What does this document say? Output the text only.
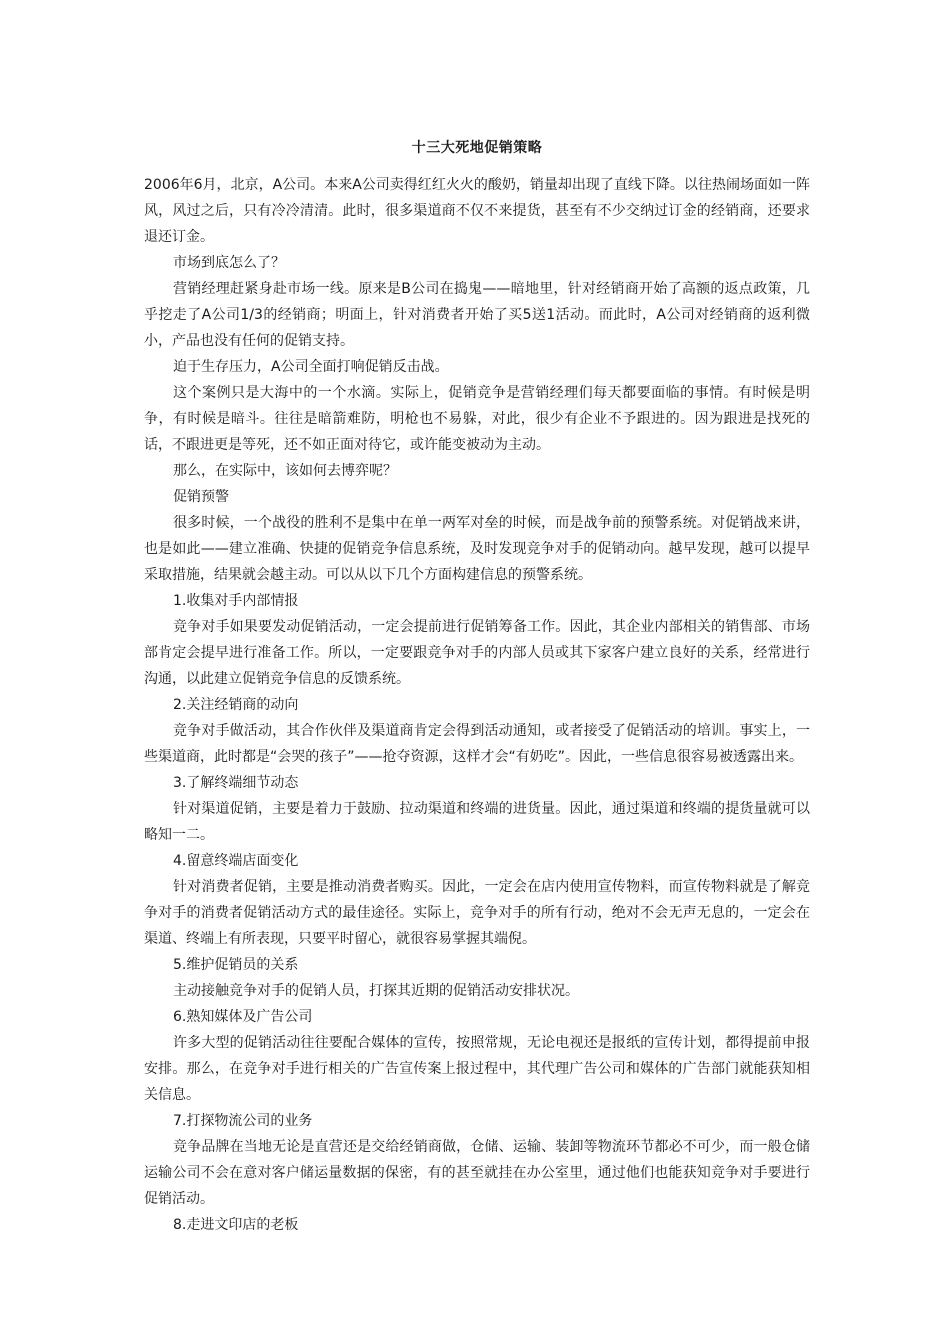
十三大死地促销策略

2006年6月，北京，A公司。本来A公司卖得红红火火的酸奶，销量却出现了直线下降。以往热闹场面如一阵风，风过之后，只有冷冷清清。此时，很多渠道商不仅不来提货，甚至有不少交纳过订金的经销商，还要求退还订金。

市场到底怎么了？

营销经理赶紧身赴市场一线。原来是B公司在捣鬼——暗地里，针对经销商开始了高额的返点政策，几乎挖走了A公司1/3的经销商；明面上，针对消费者开始了买5送1活动。而此时，A公司对经销商的返利微小，产品也没有任何的促销支持。

迫于生存压力，A公司全面打响促销反击战。

这个案例只是大海中的一个水滴。实际上，促销竞争是营销经理们每天都要面临的事情。有时候是明争，有时候是暗斗。往往是暗箭难防，明枪也不易躲，对此，很少有企业不予跟进的。因为跟进是找死的话，不跟进更是等死，还不如正面对待它，或许能变被动为主动。

那么，在实际中，该如何去博弈呢？

促销预警

很多时候，一个战役的胜利不是集中在单一两军对垒的时候，而是战争前的预警系统。对促销战来讲，也是如此——建立准确、快捷的促销竞争信息系统，及时发现竞争对手的促销动向。越早发现，越可以提早采取措施，结果就会越主动。可以从以下几个方面构建信息的预警系统。

1.收集对手内部情报

竞争对手如果要发动促销活动，一定会提前进行促销筹备工作。因此，其企业内部相关的销售部、市场部肯定会提早进行准备工作。所以，一定要跟竞争对手的内部人员或其下家客户建立良好的关系，经常进行沟通，以此建立促销竞争信息的反馈系统。

2.关注经销商的动向

竞争对手做活动，其合作伙伴及渠道商肯定会得到活动通知，或者接受了促销活动的培训。事实上，一些渠道商，此时都是“会哭的孩子”——抢夺资源，这样才会“有奶吃”。因此，一些信息很容易被透露出来。

3.了解终端细节动态

针对渠道促销，主要是着力于鼓励、拉动渠道和终端的进货量。因此，通过渠道和终端的提货量就可以略知一二。

4.留意终端店面变化

针对消费者促销，主要是推动消费者购买。因此，一定会在店内使用宣传物料，而宣传物料就是了解竞争对手的消费者促销活动方式的最佳途径。实际上，竞争对手的所有行动，绝对不会无声无息的，一定会在渠道、终端上有所表现，只要平时留心，就很容易掌握其端倪。

5.维护促销员的关系

主动接触竞争对手的促销人员，打探其近期的促销活动安排状况。

6.熟知媒体及广告公司

许多大型的促销活动往往要配合媒体的宣传，按照常规，无论电视还是报纸的宣传计划，都得提前申报安排。那么，在竞争对手进行相关的广告宣传案上报过程中，其代理广告公司和媒体的广告部门就能获知相关信息。

7.打探物流公司的业务

竞争品牌在当地无论是直营还是交给经销商做，仓储、运输、装卸等物流环节都必不可少，而一般仓储运输公司不会在意对客户储运量数据的保密，有的甚至就挂在办公室里，通过他们也能获知竞争对手要进行促销活动。

8.走进文印店的老板
